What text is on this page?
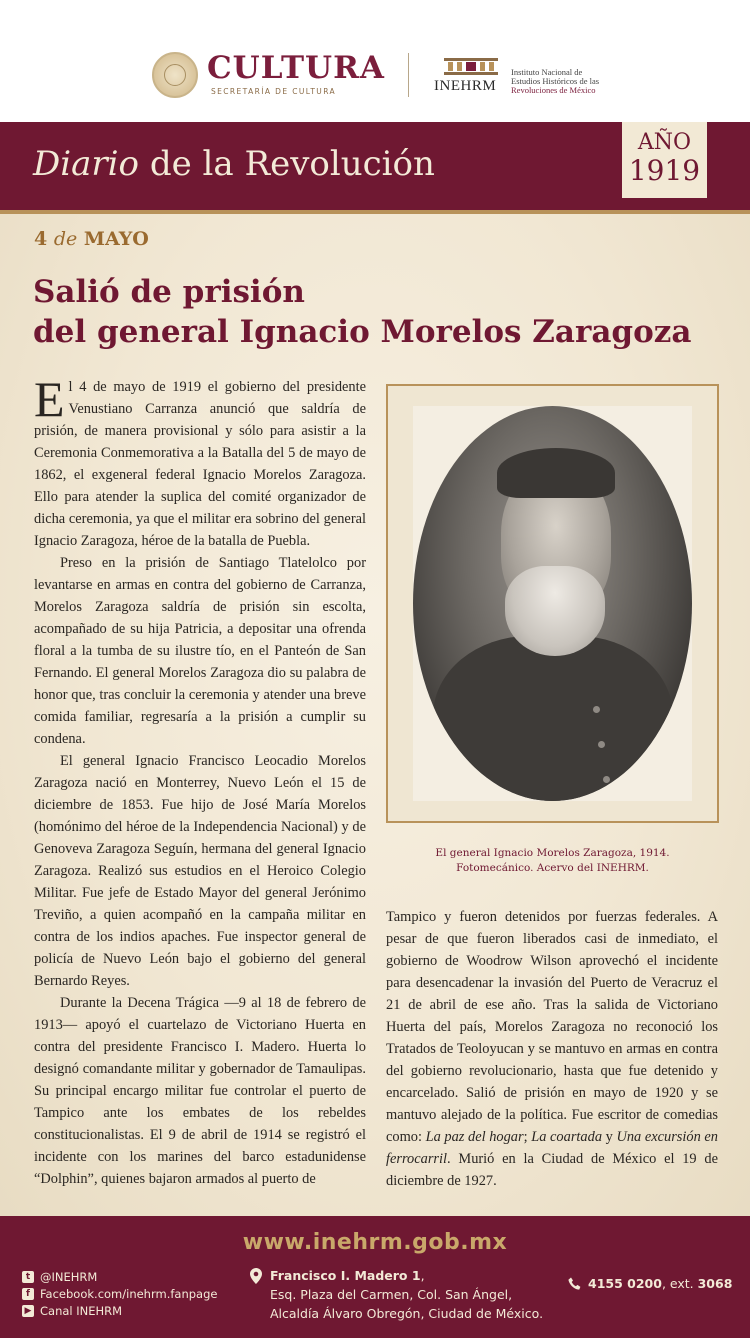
CULTURA
SECRETARÍA DE CULTURA	INEHRM
Instituto Nacional de
Estudios Históricos de las
Revoluciones de México
Diario de la Revolución
AÑO
1919
4 de MAYO
Salió de prisión
del general Ignacio Morelos Zaragoza

El 4 de mayo de 1919 el gobierno del presidente Venustiano Carranza anunció que saldría de prisión, de manera provisional y sólo para asistir a la Ceremonia Conmemorativa a la Batalla del 5 de mayo de 1862, el exgeneral federal Ignacio Morelos Zaragoza. Ello para atender la suplica del comité organizador de dicha ceremonia, ya que el militar era sobrino del general Ignacio Zaragoza, héroe de la batalla de Puebla.

Preso en la prisión de Santiago Tlatelolco por levantarse en armas en contra del gobierno de Carranza, Morelos Zaragoza saldría de prisión sin escolta, acompañado de su hija Patricia, a depositar una ofrenda floral a la tumba de su ilustre tío, en el Panteón de San Fernando. El general Morelos Zaragoza dio su palabra de honor que, tras concluir la ceremonia y atender una breve comida familiar, regresaría a la prisión a cumplir su condena.

El general Ignacio Francisco Leocadio Morelos Zaragoza nació en Monterrey, Nuevo León el 15 de diciembre de 1853. Fue hijo de José María Morelos (homónimo del héroe de la Independencia Nacional) y de Genoveva Zaragoza Seguín, hermana del general Ignacio Zaragoza. Realizó sus estudios en el Heroico Colegio Militar. Fue jefe de Estado Mayor del general Jerónimo Treviño, a quien acompañó en la campaña militar en contra de los indios apaches. Fue inspector general de policía de Nuevo León bajo el gobierno del general Bernardo Reyes.

Durante la Decena Trágica —9 al 18 de febrero de 1913— apoyó el cuartelazo de Victoriano Huerta en contra del presidente Francisco I. Madero. Huerta lo designó comandante militar y gobernador de Tamaulipas. Su principal encargo militar fue controlar el puerto de Tampico ante los embates de los rebeldes constitucionalistas. El 9 de abril de 1914 se registró el incidente con los marines del barco estadunidense “Dolphin”, quienes bajaron armados al puerto de

El general Ignacio Morelos Zaragoza, 1914.
Fotomecánico. Acervo del INEHRM.

Tampico y fueron detenidos por fuerzas federales. A pesar de que fueron liberados casi de inmediato, el gobierno de Woodrow Wilson aprovechó el incidente para desencadenar la invasión del Puerto de Veracruz el 21 de abril de ese año. Tras la salida de Victoriano Huerta del país, Morelos Zaragoza no reconoció los Tratados de Teoloyucan y se mantuvo en armas en contra del gobierno revolucionario, hasta que fue detenido y encarcelado. Salió de prisión en mayo de 1920 y se mantuvo alejado de la política. Fue escritor de comedias como: La paz del hogar; La coartada y Una excursión en ferrocarril. Murió en la Ciudad de México el 19 de diciembre de 1927.

www.inehrm.gob.mx
t @INEHRM
f Facebook.com/inehrm.fanpage
▶ Canal INEHRM
Francisco I. Madero 1,
Esq. Plaza del Carmen, Col. San Ángel,
Alcaldía Álvaro Obregón, Ciudad de México.
4155 0200, ext. 3068
